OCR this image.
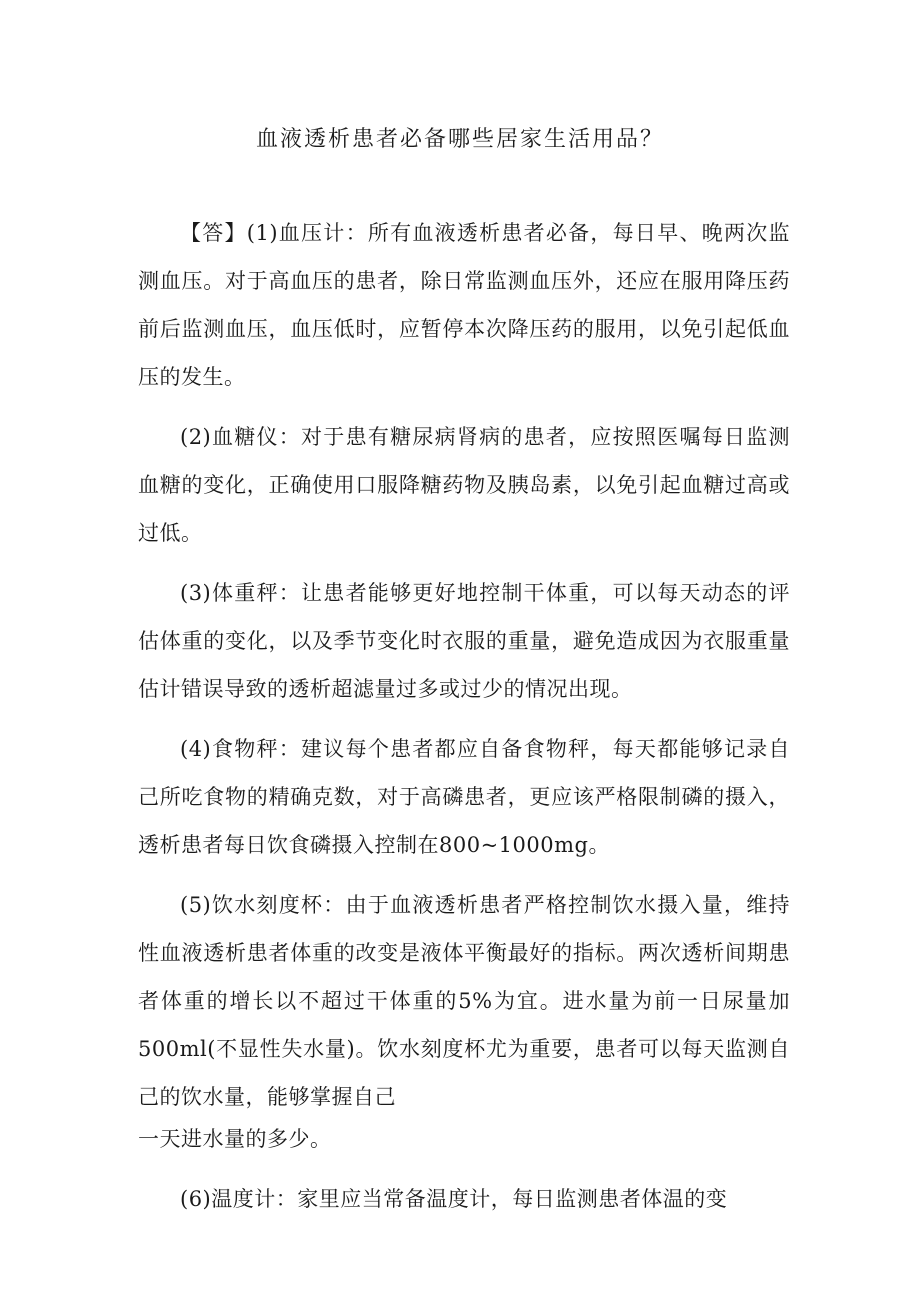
血液透析患者必备哪些居家生活用品？

【答】(1)血压计：所有血液透析患者必备，每日早、晚两次监测血压。对于高血压的患者，除日常监测血压外，还应在服用降压药前后监测血压，血压低时，应暂停本次降压药的服用，以免引起低血压的发生。

(2)血糖仪：对于患有糖尿病肾病的患者，应按照医嘱每日监测血糖的变化，正确使用口服降糖药物及胰岛素，以免引起血糖过高或过低。

(3)体重秤：让患者能够更好地控制干体重，可以每天动态的评估体重的变化，以及季节变化时衣服的重量，避免造成因为衣服重量估计错误导致的透析超滤量过多或过少的情况出现。

(4)食物秤：建议每个患者都应自备食物秤，每天都能够记录自己所吃食物的精确克数，对于高磷患者，更应该严格限制磷的摄入，透析患者每日饮食磷摄入控制在800~1000mg。

(5)饮水刻度杯：由于血液透析患者严格控制饮水摄入量，维持性血液透析患者体重的改变是液体平衡最好的指标。两次透析间期患者体重的增长以不超过干体重的5%为宜。进水量为前一日尿量加500ml(不显性失水量)。饮水刻度杯尤为重要，患者可以每天监测自己的饮水量，能够掌握自己

一天进水量的多少。

(6)温度计：家里应当常备温度计，每日监测患者体温的变
